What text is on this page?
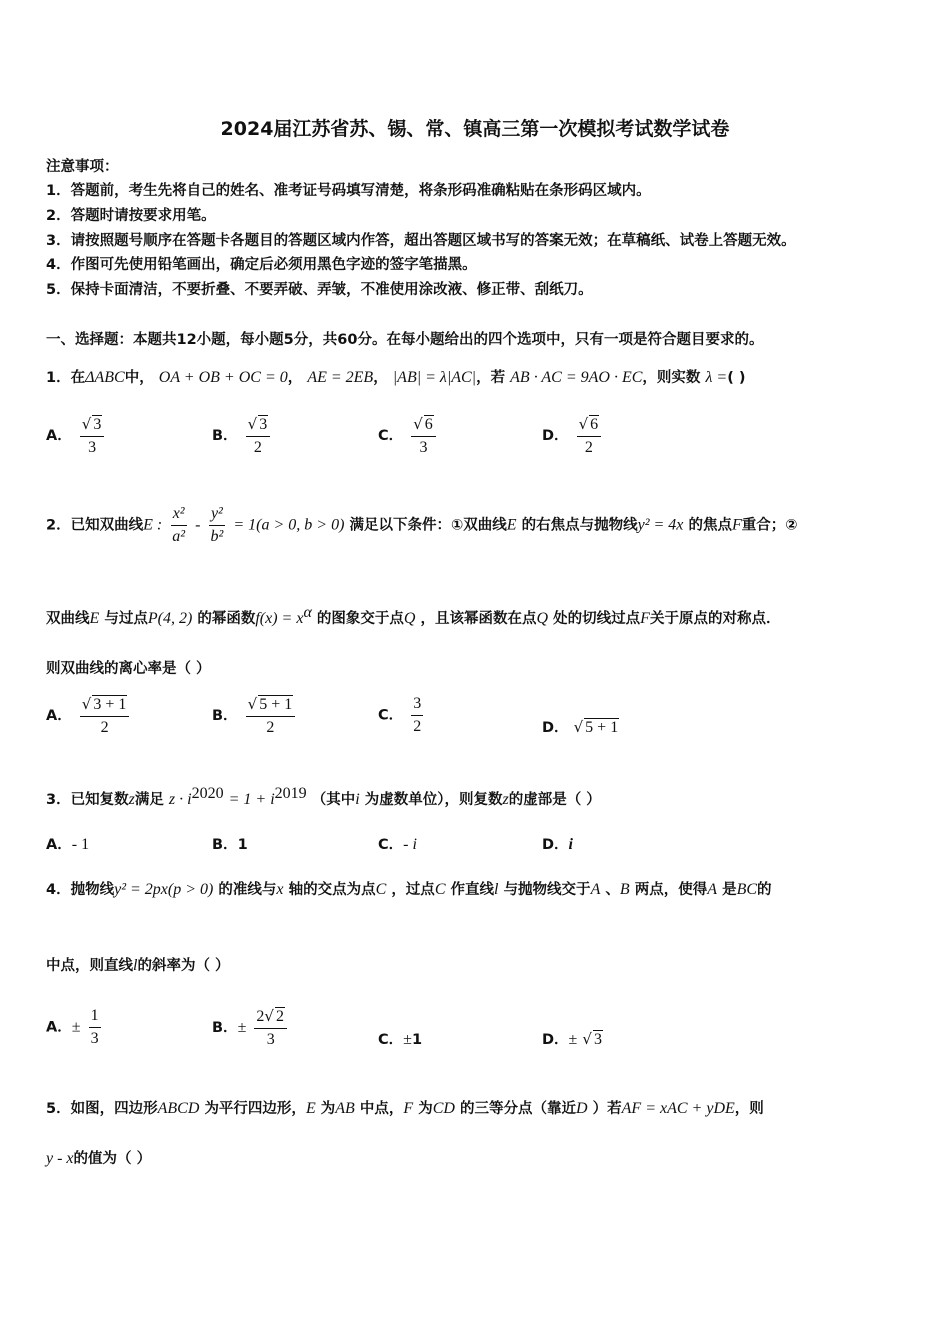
2024届江苏省苏、锡、常、镇高三第一次模拟考试数学试卷
注意事项：
1．答题前，考生先将自己的姓名、准考证号码填写清楚，将条形码准确粘贴在条形码区域内。
2．答题时请按要求用笔。
3．请按照题号顺序在答题卡各题目的答题区域内作答，超出答题区域书写的答案无效；在草稿纸、试卷上答题无效。
4．作图可先使用铅笔画出，确定后必须用黑色字迹的签字笔描黑。
5．保持卡面清洁，不要折叠、不要弄破、弄皱，不准使用涂改液、修正带、刮纸刀。
一、选择题：本题共12小题，每小题5分，共60分。在每小题给出的四个选项中，只有一项是符合题目要求的。
1．在ΔABC中， OA + OB + OC = 0， AE = 2EB， |AB| = λ|AC|，若 AB · AC = 9AO · EC，则实数 λ =( )
A． $\frac{√ 3}{3}$	B． $\frac{√ 3}{2}$	C． $\frac{√ 6}{3}$	D． $\frac{√ 6}{2}$
2．已知双曲线E : $\frac{\text{x²}}{\text{a²}} - \frac{\text{y²}}{\text{b²}} = 1(a > 0$, b > 0) 满足以下条件：①双曲线E 的右焦点与抛物线y² = 4x 的焦点F重合；②
双曲线E 与过点P(4, 2) 的幂函数$f(x) = x^\alpha$ 的图象交于点Q ，且该幂函数在点Q 处的切线过点F关于原点的对称点．
则双曲线的离心率是（ ）
A． $\frac{√ 3 + 1}{2}$	B． $\frac{√ 5 + 1}{2}$	C． $\frac{3}{2}$	D． √ 5 + 1
3．已知复数z满足 $z \cdot i^{2020} = 1 + i^{2019}$ （其中i 为虚数单位），则复数z的虚部是（ ）
A．- 1	B．1	C．- i	D．i
4．抛物线y² = 2px(p > 0) 的准线与x 轴的交点为点C ，过点C 作直线l 与抛物线交于A 、B 两点，使得A 是BC的
中点，则直线l的斜率为（ ）
A．± $\frac{1}{3}$	B．± $\frac{2√ 2}{3}$	C．±1	D．± √ 3
5．如图，四边形ABCD 为平行四边形，E 为AB 中点，F 为CD 的三等分点（靠近D ）若AF = xAC + yDE，则
y - x的值为（ ）
